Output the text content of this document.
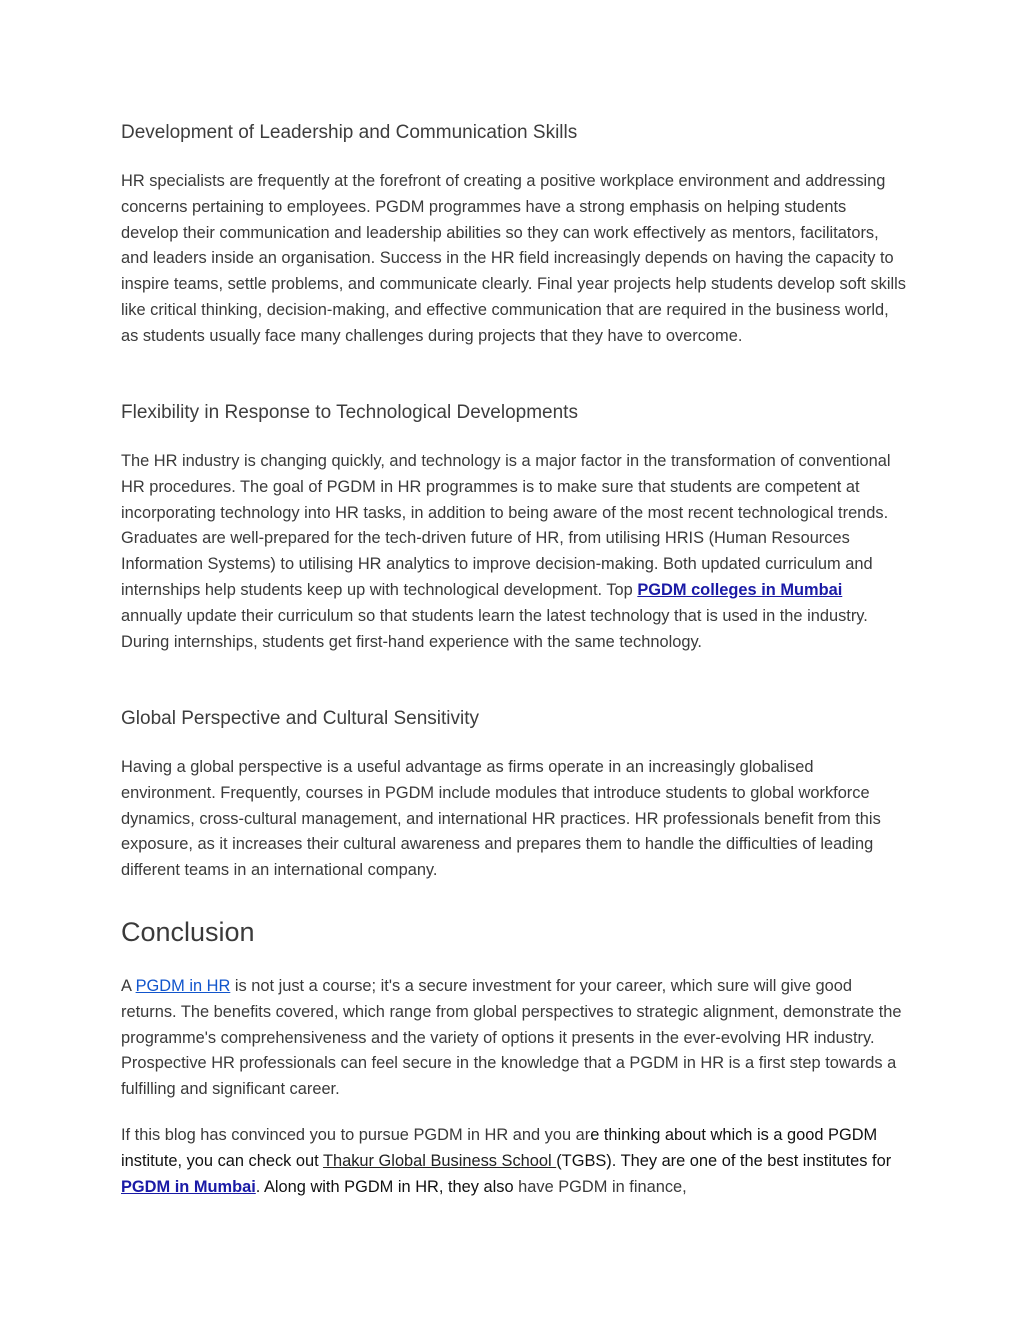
Development of Leadership and Communication Skills

HR specialists are frequently at the forefront of creating a positive workplace environment and addressing concerns pertaining to employees. PGDM programmes have a strong emphasis on helping students develop their communication and leadership abilities so they can work effectively as mentors, facilitators, and leaders inside an organisation. Success in the HR field increasingly depends on having the capacity to inspire teams, settle problems, and communicate clearly. Final year projects help students develop soft skills like critical thinking, decision-making, and effective communication that are required in the business world, as students usually face many challenges during projects that they have to overcome.

Flexibility in Response to Technological Developments

The HR industry is changing quickly, and technology is a major factor in the transformation of conventional HR procedures. The goal of PGDM in HR programmes is to make sure that students are competent at incorporating technology into HR tasks, in addition to being aware of the most recent technological trends. Graduates are well-prepared for the tech-driven future of HR, from utilising HRIS (Human Resources Information Systems) to utilising HR analytics to improve decision-making. Both updated curriculum and internships help students keep up with technological development. Top PGDM colleges in Mumbai annually update their curriculum so that students learn the latest technology that is used in the industry. During internships, students get first-hand experience with the same technology.

Global Perspective and Cultural Sensitivity

Having a global perspective is a useful advantage as firms operate in an increasingly globalised environment. Frequently, courses in PGDM include modules that introduce students to global workforce dynamics, cross-cultural management, and international HR practices. HR professionals benefit from this exposure, as it increases their cultural awareness and prepares them to handle the difficulties of leading different teams in an international company.

Conclusion

A PGDM in HR is not just a course; it's a secure investment for your career, which sure will give good returns. The benefits covered, which range from global perspectives to strategic alignment, demonstrate the programme's comprehensiveness and the variety of options it presents in the ever-evolving HR industry. Prospective HR professionals can feel secure in the knowledge that a PGDM in HR is a first step towards a fulfilling and significant career.

If this blog has convinced you to pursue PGDM in HR and you are thinking about which is a good PGDM institute, you can check out Thakur Global Business School (TGBS). They are one of the best institutes for PGDM in Mumbai. Along with PGDM in HR, they also have PGDM in finance,
